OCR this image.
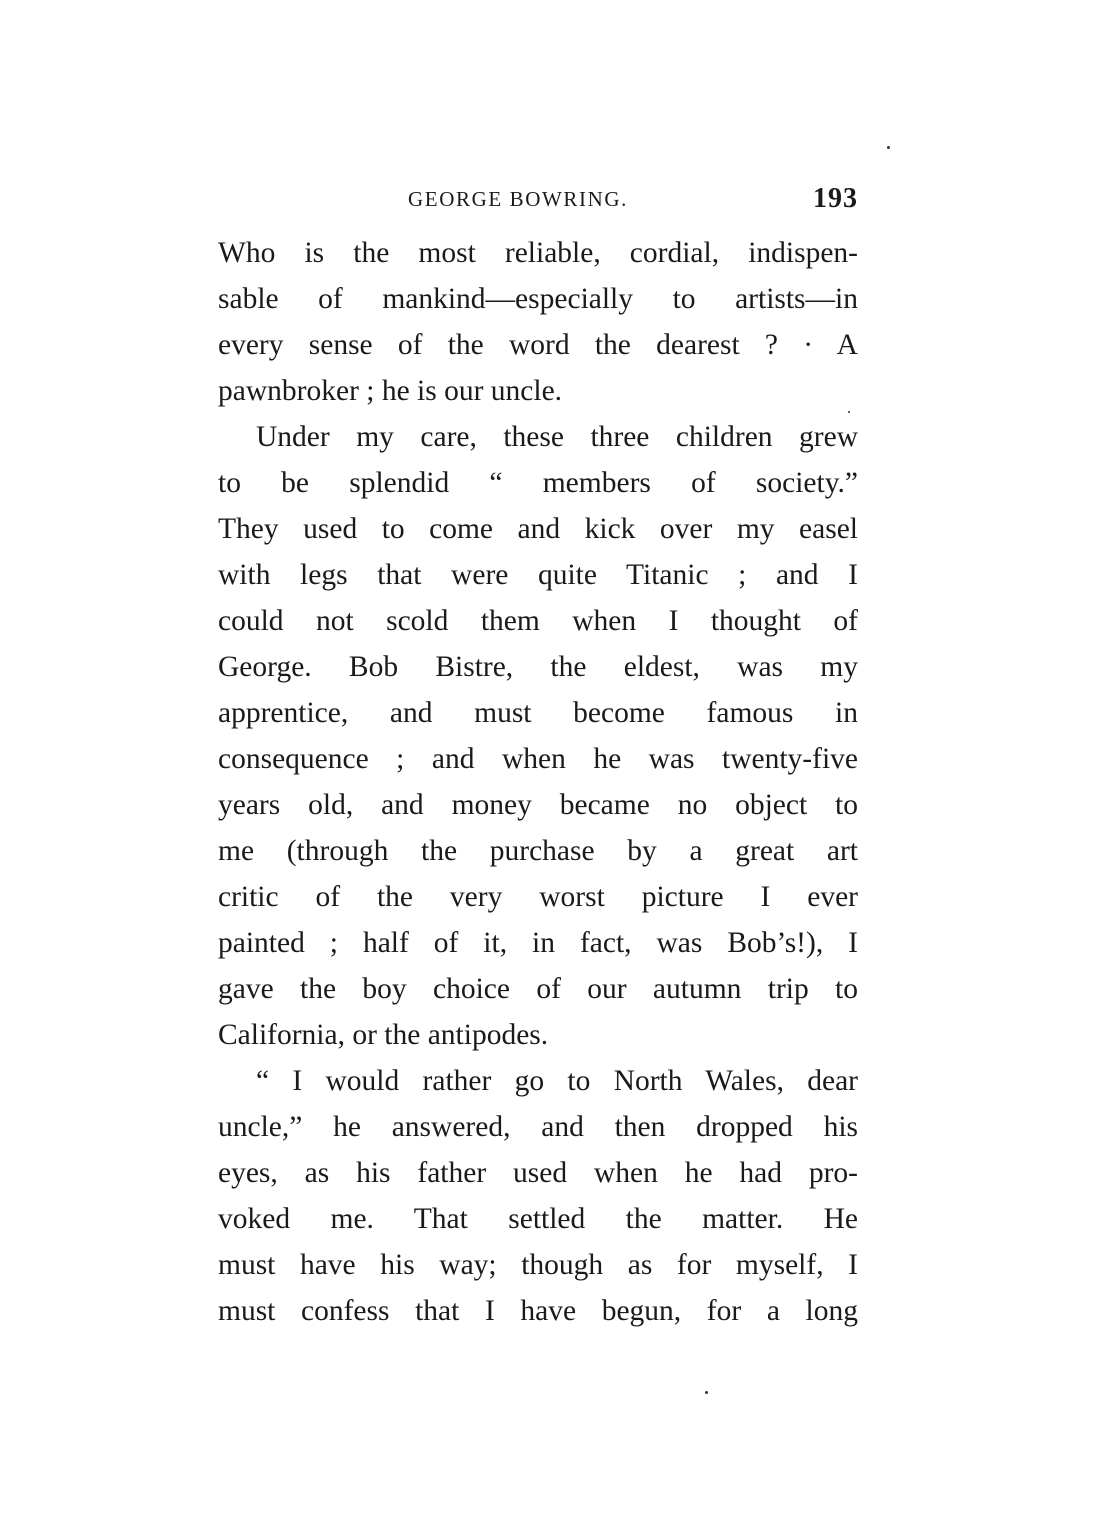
GEORGE BOWRING.	193
Who is the most reliable, cordial, indispen-
sable of mankind—especially to artists—in
every sense of the word the dearest ? · A
pawnbroker ; he is our uncle.
Under my care, these three children grew
to be splendid “ members of society.”
They used to come and kick over my easel
with legs that were quite Titanic ; and I
could not scold them when I thought of
George. Bob Bistre, the eldest, was my
apprentice, and must become famous in
consequence ; and when he was twenty-five
years old, and money became no object to
me (through the purchase by a great art
critic of the very worst picture I ever
painted ; half of it, in fact, was Bob’s!), I
gave the boy choice of our autumn trip to
California, or the antipodes.
“ I would rather go to North Wales, dear
uncle,” he answered, and then dropped his
eyes, as his father used when he had pro-
voked me. That settled the matter. He
must have his way; though as for myself, I
must confess that I have begun, for a long
